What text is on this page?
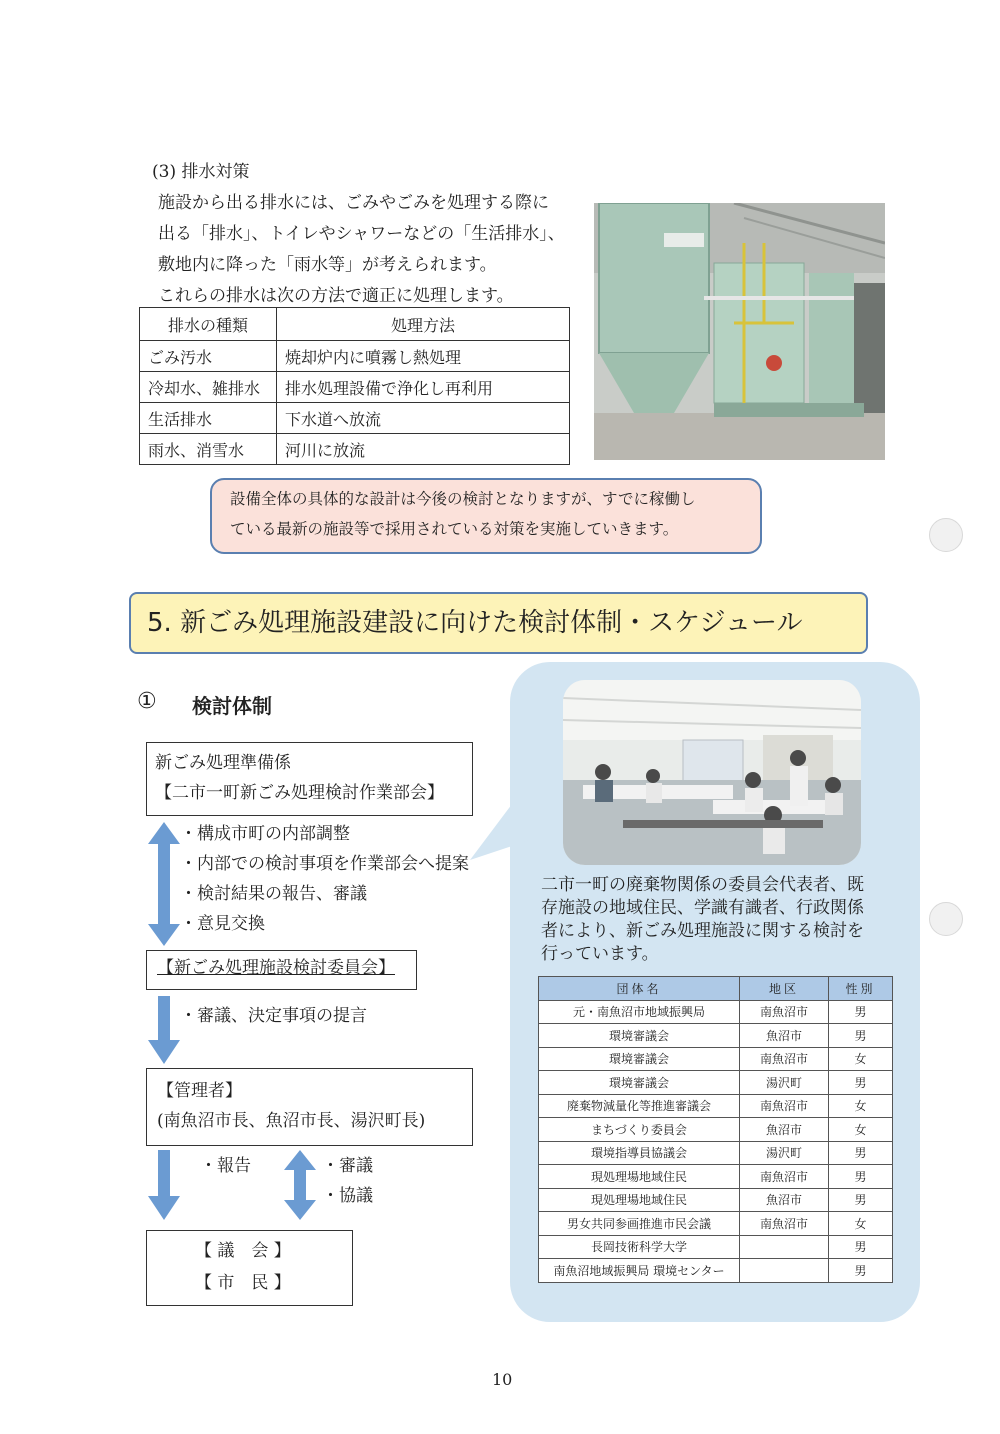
(3) 排水対策
施設から出る排水には、ごみやごみを処理する際に
出る「排水」、トイレやシャワーなどの「生活排水」、
敷地内に降った「雨水等」が考えられます。
これらの排水は次の方法で適正に処理します。
排水の種類	処理方法
ごみ汚水	焼却炉内に噴霧し熱処理
冷却水、雑排水	排水処理設備で浄化し再利用
生活排水	下水道へ放流
雨水、消雪水	河川に放流
設備全体の具体的な設計は今後の検討となりますが、すでに稼働し
ている最新の施設等で採用されている対策を実施していきます。
5. 新ごみ処理施設建設に向けた検討体制・スケジュール
① 検討体制
新ごみ処理準備係
【二市一町新ごみ処理検討作業部会】
・構成市町の内部調整
・内部での検討事項を作業部会へ提案
・検討結果の報告、審議
・意見交換
【新ごみ処理施設検討委員会】
・審議、決定事項の提言
【管理者】
(南魚沼市長、魚沼市長、湯沢町長)
・報告	・審議
・協議
【 議　会 】
【 市　民 】
二市一町の廃棄物関係の委員会代表者、既
存施設の地域住民、学識有識者、行政関係
者により、新ごみ処理施設に関する検討を
行っています。
団体名	地区	性別
元・南魚沼市地域振興局	南魚沼市	男
環境審議会	魚沼市	男
環境審議会	南魚沼市	女
環境審議会	湯沢町	男
廃棄物減量化等推進審議会	南魚沼市	女
まちづくり委員会	魚沼市	女
環境指導員協議会	湯沢町	男
現処理場地域住民	南魚沼市	男
現処理場地域住民	魚沼市	男
男女共同参画推進市民会議	南魚沼市	女
長岡技術科学大学		男
南魚沼地域振興局 環境センター		男
10
